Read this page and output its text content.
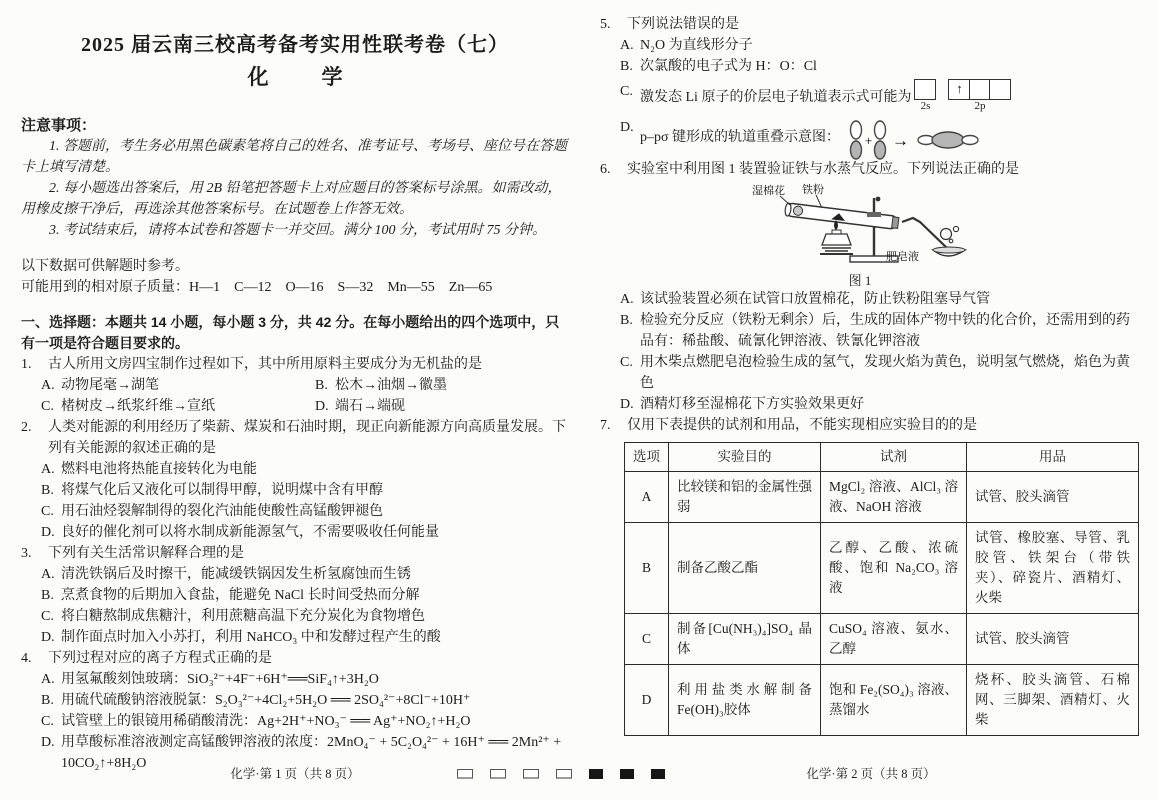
2025 届云南三校高考备考实用性联考卷（七）
化　学

注意事项：

1. 答题前，考生务必用黑色碳素笔将自己的姓名、准考证号、考场号、座位号在答题卡上填写清楚。

2. 每小题选出答案后，用 2B 铅笔把答题卡上对应题目的答案标号涂黑。如需改动，用橡皮擦干净后，再选涂其他答案标号。在试题卷上作答无效。

3. 考试结束后，请将本试卷和答题卡一并交回。满分 100 分，考试用时 75 分钟。

以下数据可供解题时参考。

可能用到的相对原子质量：H—1　C—12　O—16　S—32　Mn—55　Zn—65

一、选择题：本题共 14 小题，每小题 3 分，共 42 分。在每小题给出的四个选项中，只有一项是符合题目要求的。

1. 古人所用文房四宝制作过程如下，其中所用原料主要成分为无机盐的是

A. 动物尾毫→湖笔	B. 松木→油烟→徽墨

C. 楮树皮→纸浆纤维→宣纸	D. 端石→端砚

2. 人类对能源的利用经历了柴薪、煤炭和石油时期，现正向新能源方向高质量发展。下列有关能源的叙述正确的是

A. 燃料电池将热能直接转化为电能

B. 将煤气化后又液化可以制得甲醇，说明煤中含有甲醇

C. 用石油烃裂解制得的裂化汽油能使酸性高锰酸钾褪色

D. 良好的催化剂可以将水制成新能源氢气，不需要吸收任何能量

3. 下列有关生活常识解释合理的是

A. 清洗铁锅后及时擦干，能减缓铁锅因发生析氢腐蚀而生锈

B. 烹煮食物的后期加入食盐，能避免 NaCl 长时间受热而分解

C. 将白糖熬制成焦糖汁，利用蔗糖高温下充分炭化为食物增色

D. 制作面点时加入小苏打，利用 NaHCO₃ 中和发酵过程产生的酸

4. 下列过程对应的离子方程式正确的是

A. 用氢氟酸刻蚀玻璃：SiO₃²⁻+4F⁻+6H⁺══SiF₄↑+3H₂O

B. 用硫代硫酸钠溶液脱氯：S₂O₃²⁻+4Cl₂+5H₂O ══ 2SO₄²⁻+8Cl⁻+10H⁺

C. 试管壁上的银镜用稀硝酸清洗：Ag+2H⁺+NO₃⁻ ══ Ag⁺+NO₂↑+H₂O

D. 用草酸标准溶液测定高锰酸钾溶液的浓度：2MnO₄⁻ + 5C₂O₄²⁻ + 16H⁺ ══ 2Mn²⁺ + 10CO₂↑+8H₂O

5. 下列说法错误的是

A. N₂O 为直线形分子

B. 次氯酸的电子式为 H：O：Cl

C. 激发态 Li 原子的价层电子轨道表示式可能为
2s
↑
2p

D.
p–pσ 键形成的轨道重叠示意图： + →

6. 实验室中利用图 1 装置验证铁与水蒸气反应。下列说法正确的是

湿棉花 铁粉
肥皂液
图 1

A. 该试验装置必须在试管口放置棉花，防止铁粉阻塞导气管

B. 检验充分反应（铁粉无剩余）后，生成的固体产物中铁的化合价，还需用到的药品有：稀盐酸、硫氰化钾溶液、铁氰化钾溶液

C. 用木柴点燃肥皂泡检验生成的氢气，发现火焰为黄色，说明氢气燃烧，焰色为黄色

D. 酒精灯移至湿棉花下方实验效果更好

7. 仅用下表提供的试剂和用品，不能实现相应实验目的的是

选项	实验目的	试剂	用品
A	比较镁和铝的金属性强弱	MgCl₂ 溶液、AlCl₃ 溶液、NaOH 溶液	试管、胶头滴管
B	制备乙酸乙酯	乙醇、乙酸、浓硫酸、饱和 Na₂CO₃ 溶液	试管、橡胶塞、导管、乳胶管、铁架台（带铁夹）、碎瓷片、酒精灯、火柴
C	制备[Cu(NH₃)₄]SO₄ 晶体	CuSO₄ 溶液、氨水、乙醇	试管、胶头滴管
D	利用盐类水解制备 Fe(OH)₃胶体	饱和 Fe₂(SO₄)₃ 溶液、蒸馏水	烧杯、胶头滴管、石棉网、三脚架、酒精灯、火柴
化学·第 1 页（共 8 页）	化学·第 2 页（共 8 页）
